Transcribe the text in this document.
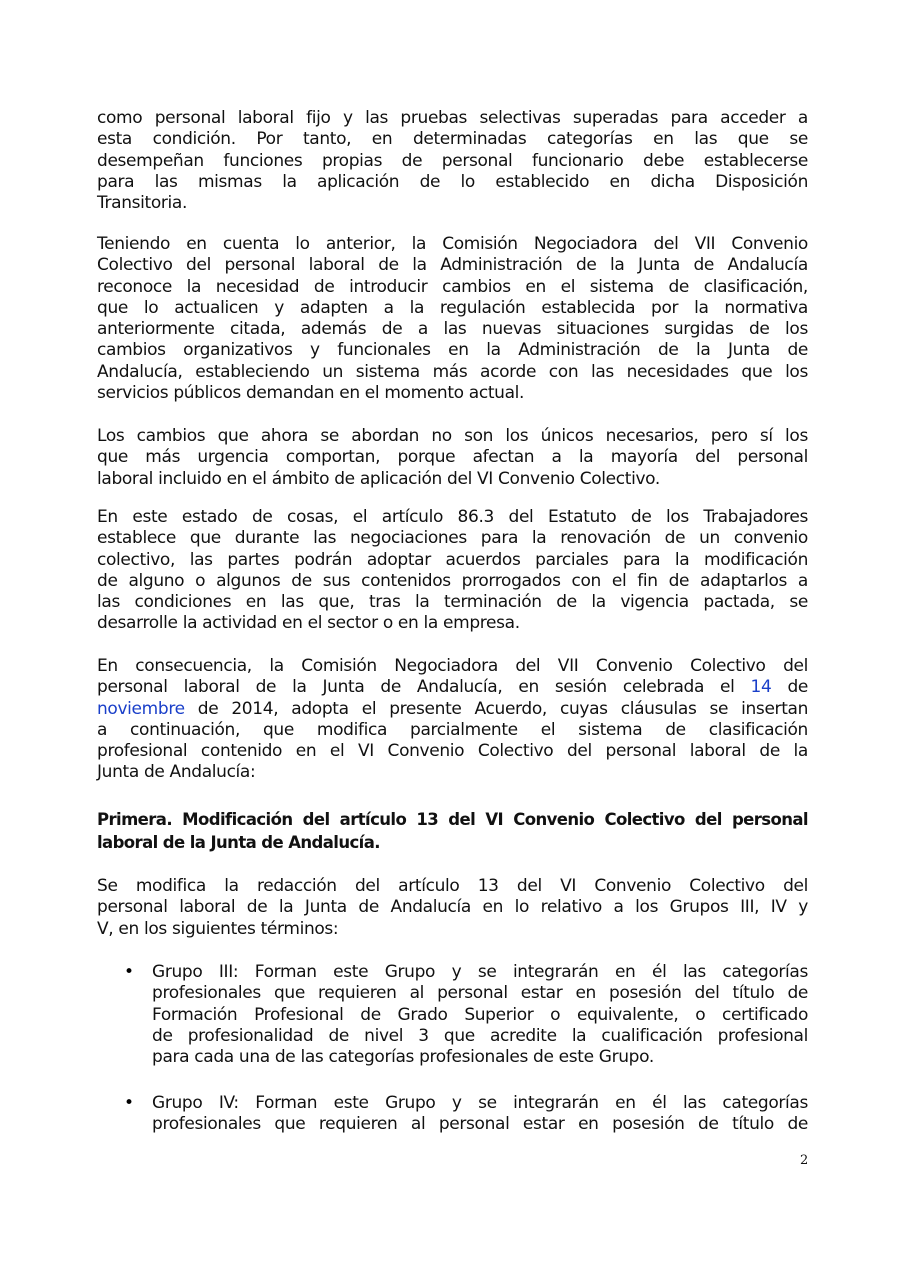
como personal laboral fijo y las pruebas selectivas superadas para acceder a
esta condición. Por tanto, en determinadas categorías en las que se
desempeñan funciones propias de personal funcionario debe establecerse
para las mismas la aplicación de lo establecido en dicha Disposición
Transitoria.
Teniendo en cuenta lo anterior, la Comisión Negociadora del VII Convenio
Colectivo del personal laboral de la Administración de la Junta de Andalucía
reconoce la necesidad de introducir cambios en el sistema de clasificación,
que lo actualicen y adapten a la regulación establecida por la normativa
anteriormente citada, además de a las nuevas situaciones surgidas de los
cambios organizativos y funcionales en la Administración de la Junta de
Andalucía, estableciendo un sistema más acorde con las necesidades que los
servicios públicos demandan en el momento actual.
Los cambios que ahora se abordan no son los únicos necesarios, pero sí los
que más urgencia comportan, porque afectan a la mayoría del personal
laboral incluido en el ámbito de aplicación del VI Convenio Colectivo.
En este estado de cosas, el artículo 86.3 del Estatuto de los Trabajadores
establece que durante las negociaciones para la renovación de un convenio
colectivo, las partes podrán adoptar acuerdos parciales para la modificación
de alguno o algunos de sus contenidos prorrogados con el fin de adaptarlos a
las condiciones en las que, tras la terminación de la vigencia pactada, se
desarrolle la actividad en el sector o en la empresa.
En consecuencia, la Comisión Negociadora del VII Convenio Colectivo del
personal laboral de la Junta de Andalucía, en sesión celebrada el 14 de
noviembre de 2014, adopta el presente Acuerdo, cuyas cláusulas se insertan
a continuación, que modifica parcialmente el sistema de clasificación
profesional contenido en el VI Convenio Colectivo del personal laboral de la
Junta de Andalucía:
Primera. Modificación del artículo 13 del VI Convenio Colectivo del personal
laboral de la Junta de Andalucía.
Se modifica la redacción del artículo 13 del VI Convenio Colectivo del
personal laboral de la Junta de Andalucía en lo relativo a los Grupos III, IV y
V, en los siguientes términos:
• Grupo III: Forman este Grupo y se integrarán en él las categorías
profesionales que requieren al personal estar en posesión del título de
Formación Profesional de Grado Superior o equivalente, o certificado
de profesionalidad de nivel 3 que acredite la cualificación profesional
para cada una de las categorías profesionales de este Grupo.
• Grupo IV: Forman este Grupo y se integrarán en él las categorías
profesionales que requieren al personal estar en posesión de título de
2
